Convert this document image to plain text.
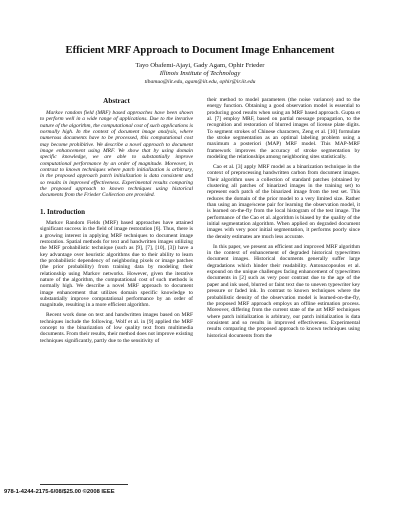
Efficient MRF Approach to Document Image Enhancement
Tayo Obafemi-Ajayi, Gady Agam, Ophir Frieder
Illinois Institute of Technology
tibamuo@iit.edu, agam@iit.edu, ophir@ir.iit.edu
Abstract

Markov random field (MRF) based approaches have been shown to perform well in a wide range of applications. Due to the iterative nature of the algorithm, the computational cost of such applications is normally high. In the context of document image analysis, where numerous documents have to be processed, this computational cost may become prohibitive. We describe a novel approach to document image enhancement using MRF. We show that by using domain specific knowledge, we are able to substantially improve computational performance by an order of magnitude. Moreover, in contrast to known techniques where patch initialization is arbitrary, in the proposed approach patch initialization is data consistent and so results in improved effectiveness. Experimental results comparing the proposed approach to known techniques using historical documents from the Frieder Collection are provided.

1. Introduction

Markov Random Fields (MRF) based approaches have attained significant success in the field of image restoration [6]. Thus, there is a growing interest in applying MRF techniques to document image restoration. Spatial methods for text and handwritten images utilizing the MRF probabilistic technique (such as [9], [7], [10], [3]) have a key advantage over heuristic algorithms due to their ability to learn the probabilistic dependency of neighboring pixels or image patches (the prior probability) from training data by modeling their relationship using Markov networks. However, given the iterative nature of the algorithm, the computational cost of such methods is normally high. We describe a novel MRF approach to document image enhancement that utilizes domain specific knowledge to substantially improve computational performance by an order of magnitude, resulting in a more efficient algorithm.

Recent work done on text and handwritten images based on MRF techniques include the following. Wolf et al. in [9] applied the MRF concept to the binarization of low quality text from multimedia documents. From their results, their method does not improve existing techniques significantly, partly due to the sensitivity of

their method to model parameters (the noise variance) and to the energy function. Obtaining a good observation model is essential to producing good results when using an MRF based approach. Gupta et al. [7] employ MRF, based on partial message propagation, to the recognition and restoration of blurred images of license plate digits. To segment strokes of Chinese characters, Zeng et al. [10] formulate the stroke segmentation as an optimal labeling problem using a maximum a posteriori (MAP) MRF model. This MAP-MRF framework improves the accuracy of stroke segmentation by modeling the relationships among neighboring sites statistically.

Cao et al. [3] apply MRF model as a binarization technique in the context of preprocessing handwritten carbon from document images. Their algorithm uses a collection of standard patches (obtained by clustering all patches of binarized images in the training set) to represent each patch of the binarized image from the test set. This reduces the domain of the prior model to a very limited size. Rather than using an image/scene pair for learning the observation model, it is learned on-the-fly from the local histogram of the test image. The performance of the Cao et al. algorithm is biased by the quality of the initial segmentation algorithm. When applied on degraded document images with very poor initial segmentation, it performs poorly since the density estimates are much less accurate.

In this paper, we present an efficient and improved MRF algorithm in the context of enhancement of degraded historical typewritten document images. Historical documents generally suffer large degradations which hinder their readability. Antonacopoulos et al. expound on the unique challenges facing enhancement of typewritten documents in [2] such as very poor contrast due to the age of the paper and ink used, blurred or faint text due to uneven typewriter key pressure or faded ink. In contrast to known techniques where the probabilistic density of the observation model is learned-on-the-fly, the proposed MRF approach employs an offline estimation process. Moreover, differing from the current state of the art MRF techniques where patch initialization is arbitrary, our patch initialization is data consistent and so results in improved effectiveness. Experimental results comparing the proposed approach to known techniques using historical documents from the

978-1-4244-2175-6/08/$25.00 ©2008 IEEE
